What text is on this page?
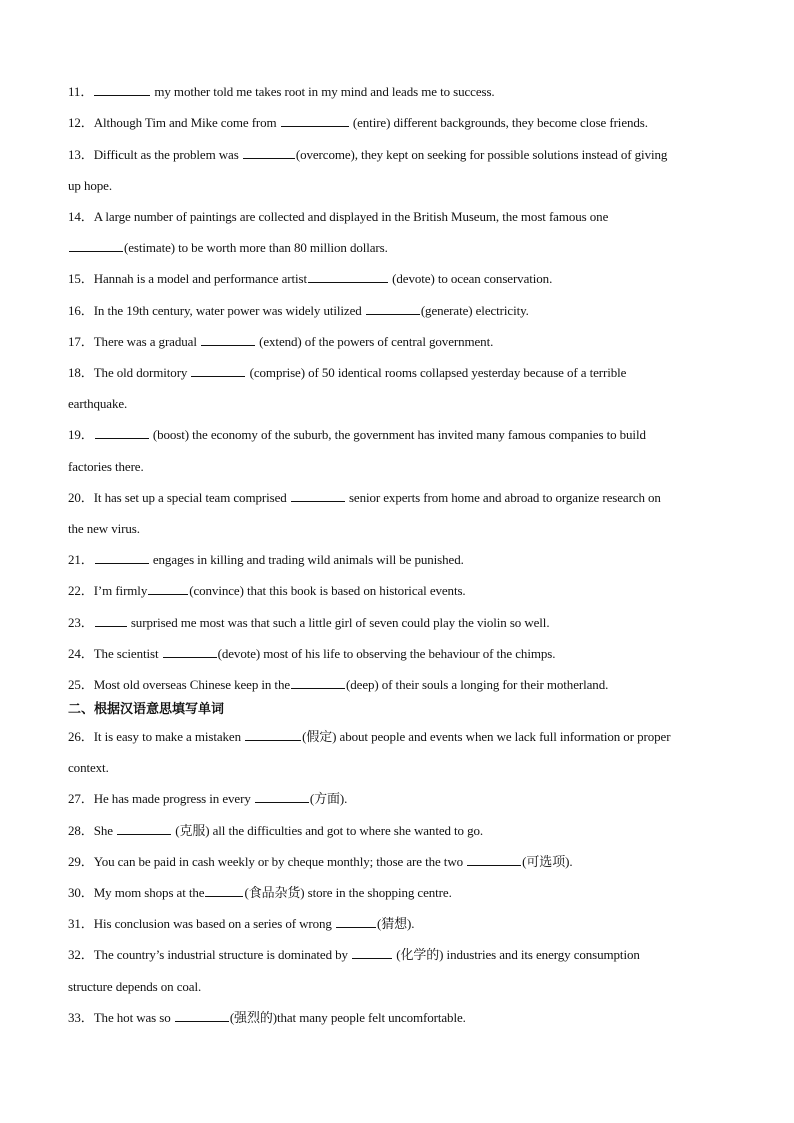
11．	my mother told me takes root in my mind and leads me to success.
12．Although Tim and Mike come from	(entire) different backgrounds, they become close friends.
13．Difficult as the problem was	(overcome), they kept on seeking for possible solutions instead of giving
up hope.
14．A large number of paintings are collected and displayed in the British Museum, the most famous one
(estimate) to be worth more than 80 million dollars.
15．Hannah is a model and performance artist	(devote) to ocean conservation.
16．In the 19th century, water power was widely utilized	(generate) electricity.
17．There was a gradual	(extend) of the powers of central government.
18．The old dormitory	(comprise) of 50 identical rooms collapsed yesterday because of a terrible
earthquake.
19．	(boost) the economy of the suburb, the government has invited many famous companies to build
factories there.
20．It has set up a special team comprised	senior experts from home and abroad to organize research on
the new virus.
21．	engages in killing and trading wild animals will be punished.
22．I’m firmly	(convince) that this book is based on historical events.
23．	surprised me most was that such a little girl of seven could play the violin so well.
24．The scientist	(devote) most of his life to observing the behaviour of the chimps.
25．Most old overseas Chinese keep in the	(deep) of their souls a longing for their motherland.
二、根据汉语意思填写单词
26．It is easy to make a mistaken	(假定) about people and events when we lack full information or proper
context.
27．He has made progress in every	(方面).
28．She	(克服) all the difficulties and got to where she wanted to go.
29．You can be paid in cash weekly or by cheque monthly; those are the two	(可选项).
30．My mom shops at the	(食品杂货) store in the shopping centre.
31．His conclusion was based on a series of wrong	(猜想).
32．The country’s industrial structure is dominated by	(化学的) industries and its energy consumption
structure depends on coal.
33．The hot was so	(强烈的)that many people felt uncomfortable.
